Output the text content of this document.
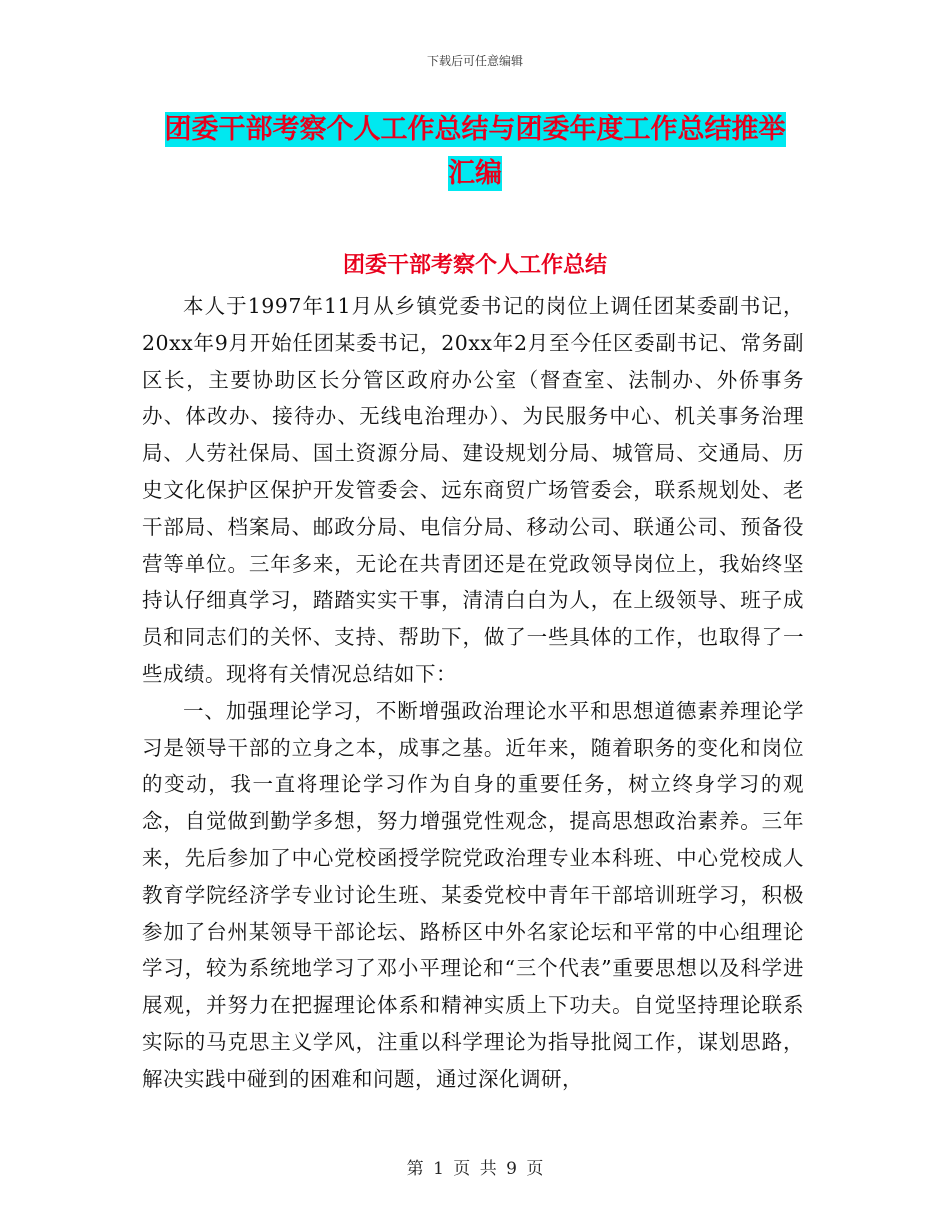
下载后可任意编辑
团委干部考察个人工作总结与团委年度工作总结推举
汇编
团委干部考察个人工作总结

本人于1997年11月从乡镇党委书记的岗位上调任团某委副书记，20xx年9月开始任团某委书记，20xx年2月至今任区委副书记、常务副区长，主要协助区长分管区政府办公室（督查室、法制办、外侨事务办、体改办、接待办、无线电治理办）、为民服务中心、机关事务治理局、人劳社保局、国土资源分局、建设规划分局、城管局、交通局、历史文化保护区保护开发管委会、远东商贸广场管委会，联系规划处、老干部局、档案局、邮政分局、电信分局、移动公司、联通公司、预备役营等单位。三年多来，无论在共青团还是在党政领导岗位上，我始终坚持认仔细真学习，踏踏实实干事，清清白白为人，在上级领导、班子成员和同志们的关怀、支持、帮助下，做了一些具体的工作，也取得了一些成绩。现将有关情况总结如下：

一、加强理论学习，不断增强政治理论水平和思想道德素养理论学习是领导干部的立身之本，成事之基。近年来，随着职务的变化和岗位的变动，我一直将理论学习作为自身的重要任务，树立终身学习的观念，自觉做到勤学多想，努力增强党性观念，提高思想政治素养。三年来，先后参加了中心党校函授学院党政治理专业本科班、中心党校成人教育学院经济学专业讨论生班、某委党校中青年干部培训班学习，积极参加了台州某领导干部论坛、路桥区中外名家论坛和平常的中心组理论学习，较为系统地学习了邓小平理论和“三个代表”重要思想以及科学进展观，并努力在把握理论体系和精神实质上下功夫。自觉坚持理论联系实际的马克思主义学风，注重以科学理论为指导批阅工作，谋划思路，解决实践中碰到的困难和问题，通过深化调研，

第 1 页 共 9 页
